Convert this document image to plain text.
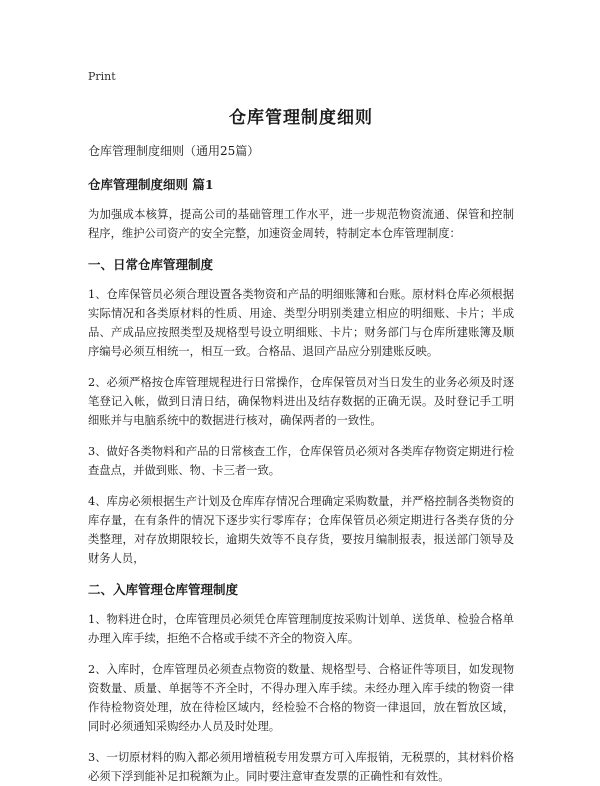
Print
仓库管理制度细则
仓库管理制度细则（通用25篇）
仓库管理制度细则 篇1

为加强成本核算，提高公司的基础管理工作水平，进一步规范物资流通、保管和控制程序，维护公司资产的安全完整，加速资金周转，特制定本仓库管理制度：

一、日常仓库管理制度

1、仓库保管员必须合理设置各类物资和产品的明细账簿和台账。原材料仓库必须根据实际情况和各类原材料的性质、用途、类型分明别类建立相应的明细账、卡片；半成品、产成品应按照类型及规格型号设立明细账、卡片；财务部门与仓库所建账簿及顺序编号必须互相统一，相互一致。合格品、退回产品应分别建账反映。

2、必须严格按仓库管理规程进行日常操作，仓库保管员对当日发生的业务必须及时逐笔登记入帐，做到日清日结，确保物料进出及结存数据的正确无误。及时登记手工明细账并与电脑系统中的数据进行核对，确保两者的一致性。

3、做好各类物料和产品的日常核查工作，仓库保管员必须对各类库存物资定期进行检查盘点，并做到账、物、卡三者一致。

4、库房必须根据生产计划及仓库库存情况合理确定采购数量，并严格控制各类物资的库存量，在有条件的情况下逐步实行零库存；仓库保管员必须定期进行各类存货的分类整理，对存放期限较长，逾期失效等不良存货，要按月编制报表，报送部门领导及财务人员，

二、入库管理仓库管理制度

1、物料进仓时，仓库管理员必须凭仓库管理制度按采购计划单、送货单、检验合格单办理入库手续，拒绝不合格或手续不齐全的物资入库。

2、入库时，仓库管理员必须查点物资的数量、规格型号、合格证件等项目，如发现物资数量、质量、单据等不齐全时，不得办理入库手续。未经办理入库手续的物资一律作待检物资处理，放在待检区域内，经检验不合格的物资一律退回，放在暂放区域，同时必须通知采购经办人员及时处理。

3、一切原材料的购入都必须用增植税专用发票方可入库报销，无税票的，其材料价格必须下浮到能补足扣税额为止。同时要注意审查发票的正确性和有效性。
